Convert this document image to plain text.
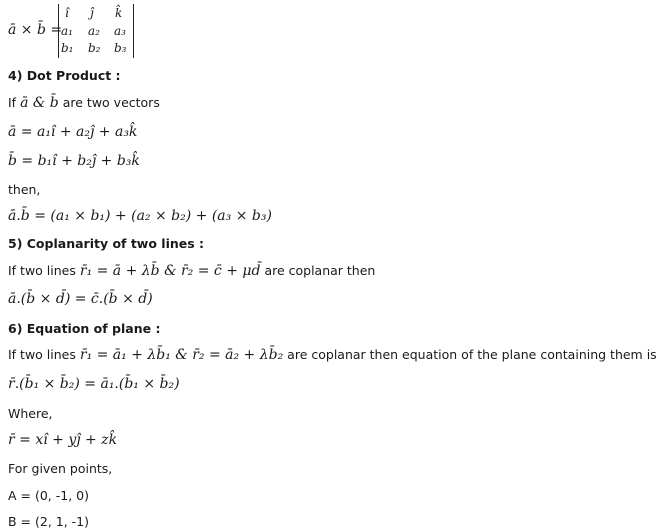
ā × b̄ =
î ĵ k̂
a₁ a₂ a₃
b₁ b₂ b₃
4) Dot Product :
If ā & b̄ are two vectors
ā = a₁î + a₂ĵ + a₃k̂
b̄ = b₁î + b₂ĵ + b₃k̂
then,
ā.b̄ = (a₁ × b₁) + (a₂ × b₂) + (a₃ × b₃)
5) Coplanarity of two lines :
If two lines r̄₁ = ā + λb̄ & r̄₂ = c̄ + μd̄ are coplanar then
ā.(b̄ × d̄) = c̄.(b̄ × d̄)
6) Equation of plane :
If two lines r̄₁ = ā₁ + λb̄₁ & r̄₂ = ā₂ + λb̄₂ are coplanar then equation of the plane containing them is
r̄.(b̄₁ × b̄₂) = ā₁.(b̄₁ × b̄₂)
Where,
r̄ = xî + yĵ + zk̂
For given points,
A = (0, -1, 0)
B = (2, 1, -1)
